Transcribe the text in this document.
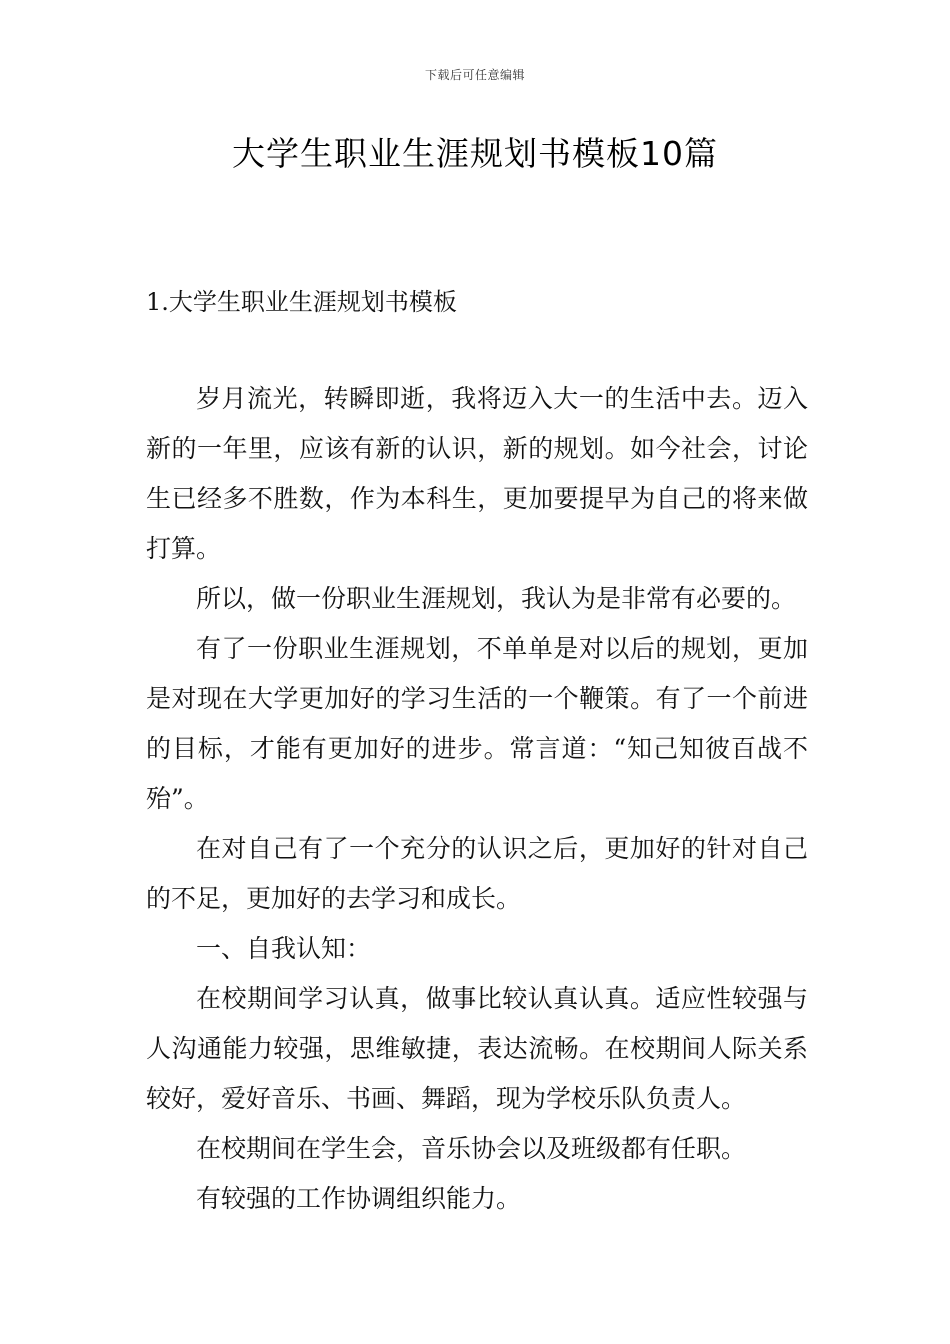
下载后可任意编辑
大学生职业生涯规划书模板10篇
1.大学生职业生涯规划书模板

岁月流光，转瞬即逝，我将迈入大一的生活中去。迈入新的一年里，应该有新的认识，新的规划。如今社会，讨论生已经多不胜数，作为本科生，更加要提早为自己的将来做打算。

所以，做一份职业生涯规划，我认为是非常有必要的。

有了一份职业生涯规划，不单单是对以后的规划，更加是对现在大学更加好的学习生活的一个鞭策。有了一个前进的目标，才能有更加好的进步。常言道：“知己知彼百战不殆”。

在对自己有了一个充分的认识之后，更加好的针对自己的不足，更加好的去学习和成长。

一、自我认知：

在校期间学习认真，做事比较认真认真。适应性较强与人沟通能力较强，思维敏捷，表达流畅。在校期间人际关系较好，爱好音乐、书画、舞蹈，现为学校乐队负责人。

在校期间在学生会，音乐协会以及班级都有任职。

有较强的工作协调组织能力。
